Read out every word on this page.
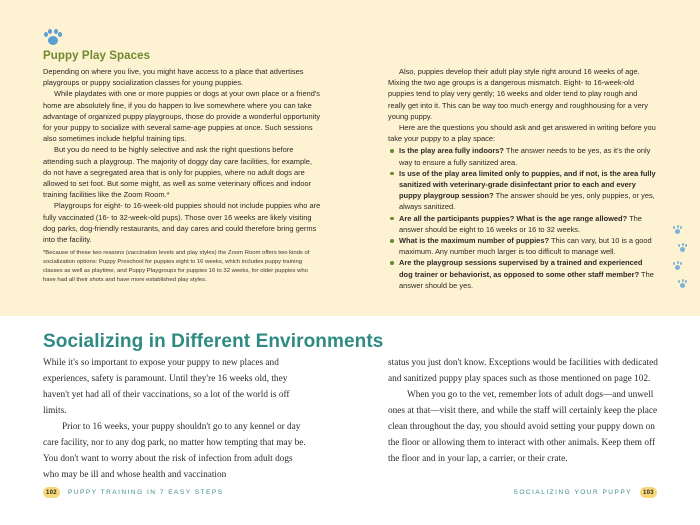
Puppy Play Spaces

Depending on where you live, you might have access to a place that advertises playgroups or puppy socialization classes for young puppies.

While playdates with one or more puppies or dogs at your own place or a friend's home are absolutely fine, if you do happen to live somewhere where you can take advantage of organized puppy playgroups, those do provide a wonderful opportunity for your puppy to socialize with several same-age puppies at once. Such sessions also sometimes include helpful training tips.

But you do need to be highly selective and ask the right questions before attending such a playgroup. The majority of doggy day care facilities, for example, do not have a segregated area that is only for puppies, where no adult dogs are allowed to set foot. But some might, as well as some veterinary offices and indoor training facilities like the Zoom Room.*

Playgroups for eight- to 16-week-old puppies should not include puppies who are fully vaccinated (16- to 32-week-old pups). Those over 16 weeks are likely visiting dog parks, dog-friendly restaurants, and day cares and could therefore bring germs into the facility.

*Because of these two reasons (vaccination levels and play styles) the Zoom Room offers two kinds of socialization options: Puppy Preschool for puppies eight to 16 weeks, which includes puppy training classes as well as playtime, and Puppy Playgroups for puppies 16 to 32 weeks, for older puppies who have had all their shots and have more established play styles.

Also, puppies develop their adult play style right around 16 weeks of age. Mixing the two age groups is a dangerous mismatch. Eight- to 16-week-old puppies tend to play very gently; 16 weeks and older tend to play rough and really get into it. This can be way too much energy and roughhousing for a very young puppy.

Here are the questions you should ask and get answered in writing before you take your puppy to a play space:

Is the play area fully indoors? The answer needs to be yes, as it's the only way to ensure a fully sanitized area.
Is use of the play area limited only to puppies, and if not, is the area fully sanitized with veterinary-grade disinfectant prior to each and every puppy playgroup session? The answer should be yes, only puppies, or yes, always sanitized.
Are all the participants puppies? What is the age range allowed? The answer should be eight to 16 weeks or 16 to 32 weeks.
What is the maximum number of puppies? This can vary, but 10 is a good maximum. Any number much larger is too difficult to manage well.
Are the playgroup sessions supervised by a trained and experienced dog trainer or behaviorist, as opposed to some other staff member? The answer should be yes.
Socializing in Different Environments

While it's so important to expose your puppy to new places and experiences, safety is paramount. Until they're 16 weeks old, they haven't yet had all of their vaccinations, so a lot of the world is off limits.

Prior to 16 weeks, your puppy shouldn't go to any kennel or day care facility, nor to any dog park, no matter how tempting that may be. You don't want to worry about the risk of infection from adult dogs who may be ill and whose health and vaccination

status you just don't know. Exceptions would be facilities with dedicated and sanitized puppy play spaces such as those mentioned on page 102.

When you go to the vet, remember lots of adult dogs—and unwell ones at that—visit there, and while the staff will certainly keep the place clean throughout the day, you should avoid setting your puppy down on the floor or allowing them to interact with other animals. Keep them off the floor and in your lap, a carrier, or their crate.

102	PUPPY TRAINING IN 7 EASY STEPS	SOCIALIZING YOUR PUPPY	103
